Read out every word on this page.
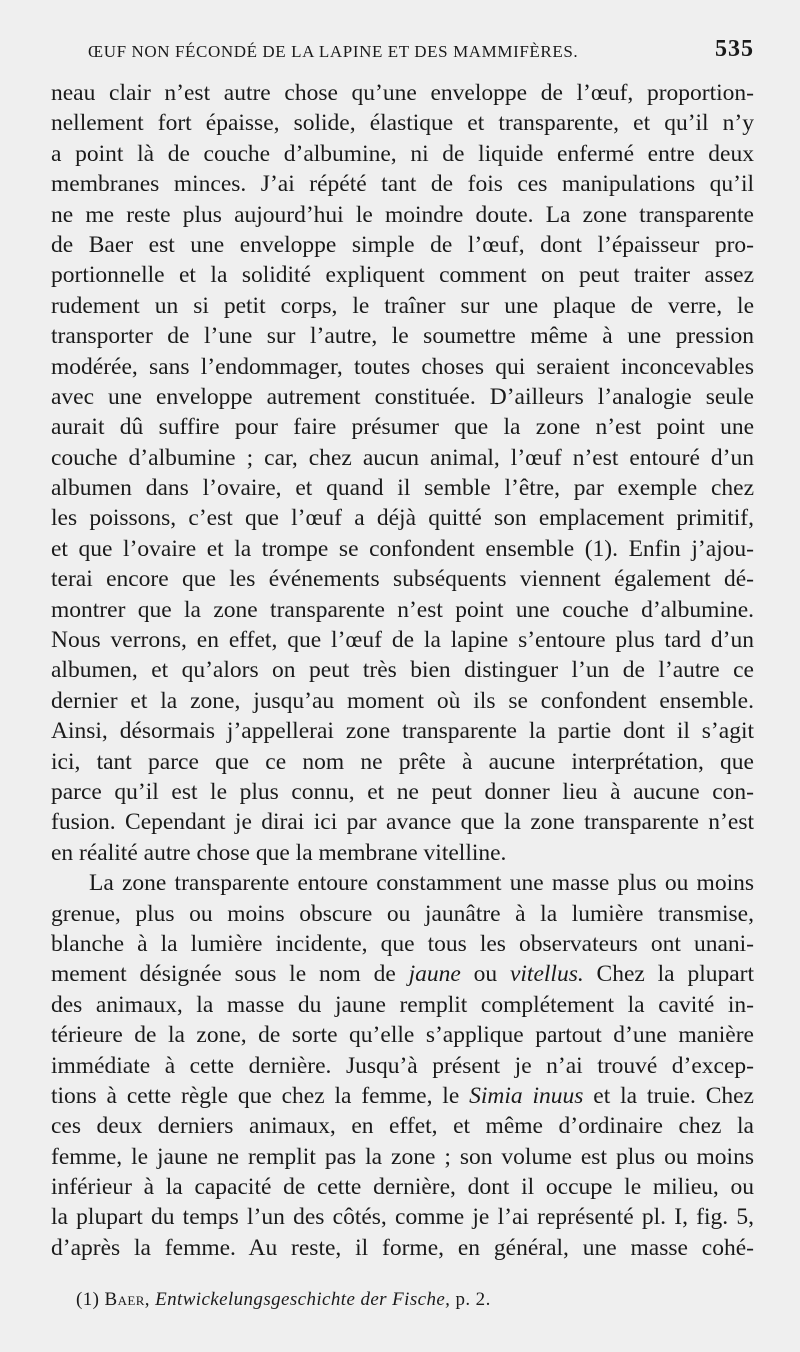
ŒUF NON FÉCONDÉ DE LA LAPINE ET DES MAMMIFÈRES.	535
neau clair n’est autre chose qu’une enveloppe de l’œuf, proportion-
nellement fort épaisse, solide, élastique et transparente, et qu’il n’y
a point là de couche d’albumine, ni de liquide enfermé entre deux
membranes minces. J’ai répété tant de fois ces manipulations qu’il
ne me reste plus aujourd’hui le moindre doute. La zone transparente
de Baer est une enveloppe simple de l’œuf, dont l’épaisseur pro-
portionnelle et la solidité expliquent comment on peut traiter assez
rudement un si petit corps, le traîner sur une plaque de verre, le
transporter de l’une sur l’autre, le soumettre même à une pression
modérée, sans l’endommager, toutes choses qui seraient inconcevables
avec une enveloppe autrement constituée. D’ailleurs l’analogie seule
aurait dû suffire pour faire présumer que la zone n’est point une
couche d’albumine ; car, chez aucun animal, l’œuf n’est entouré d’un
albumen dans l’ovaire, et quand il semble l’être, par exemple chez
les poissons, c’est que l’œuf a déjà quitté son emplacement primitif,
et que l’ovaire et la trompe se confondent ensemble (1). Enfin j’ajou-
terai encore que les événements subséquents viennent également dé-
montrer que la zone transparente n’est point une couche d’albumine.
Nous verrons, en effet, que l’œuf de la lapine s’entoure plus tard d’un
albumen, et qu’alors on peut très bien distinguer l’un de l’autre ce
dernier et la zone, jusqu’au moment où ils se confondent ensemble.
Ainsi, désormais j’appellerai zone transparente la partie dont il s’agit
ici, tant parce que ce nom ne prête à aucune interprétation, que
parce qu’il est le plus connu, et ne peut donner lieu à aucune con-
fusion. Cependant je dirai ici par avance que la zone transparente n’est
en réalité autre chose que la membrane vitelline.
La zone transparente entoure constamment une masse plus ou moins
grenue, plus ou moins obscure ou jaunâtre à la lumière transmise,
blanche à la lumière incidente, que tous les observateurs ont unani-
mement désignée sous le nom de jaune ou vitellus. Chez la plupart
des animaux, la masse du jaune remplit complétement la cavité in-
térieure de la zone, de sorte qu’elle s’applique partout d’une manière
immédiate à cette dernière. Jusqu’à présent je n’ai trouvé d’excep-
tions à cette règle que chez la femme, le Simia inuus et la truie. Chez
ces deux derniers animaux, en effet, et même d’ordinaire chez la
femme, le jaune ne remplit pas la zone ; son volume est plus ou moins
inférieur à la capacité de cette dernière, dont il occupe le milieu, ou
la plupart du temps l’un des côtés, comme je l’ai représenté pl. I, fig. 5,
d’après la femme. Au reste, il forme, en général, une masse cohé-
(1) Baer, Entwickelungsgeschichte der Fische, p. 2.
